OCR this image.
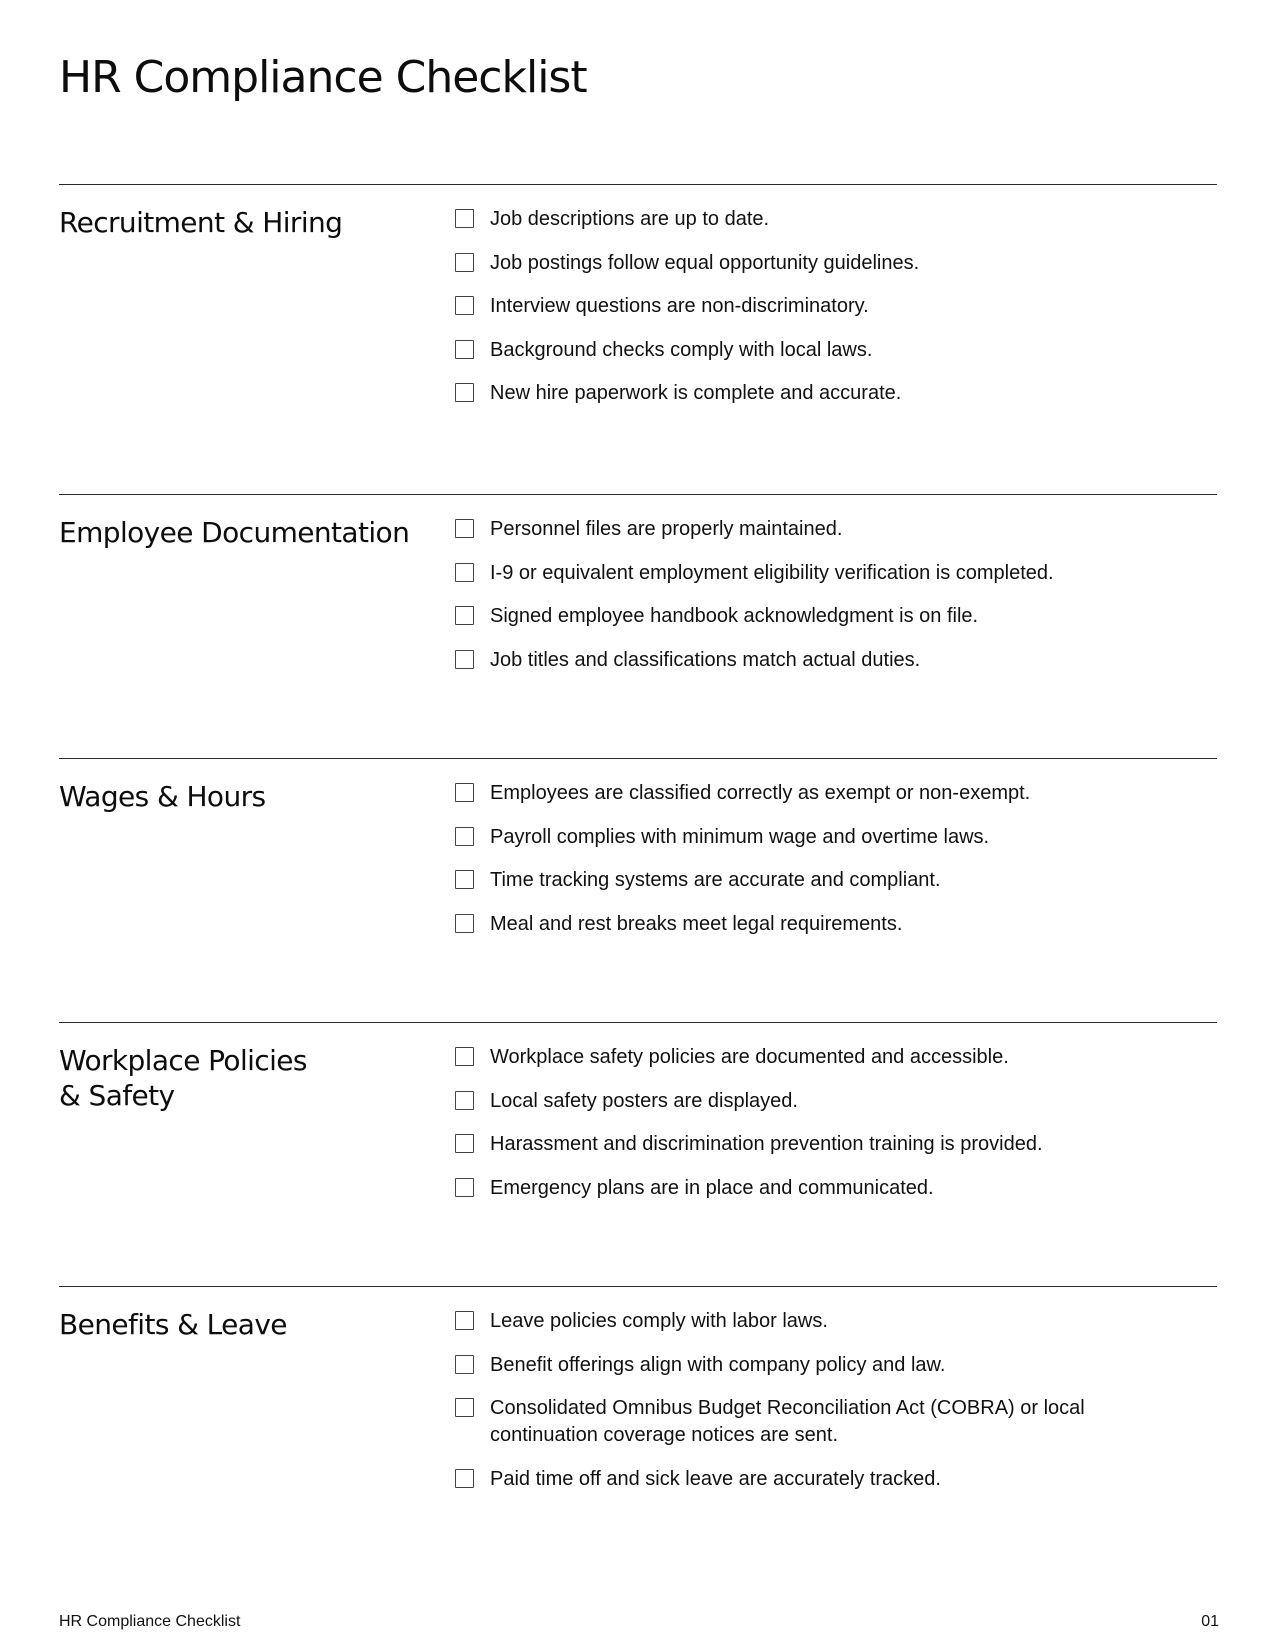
HR Compliance Checklist
Recruitment & Hiring	Job descriptions are up to date.
Job postings follow equal opportunity guidelines.
Interview questions are non-discriminatory.
Background checks comply with local laws.
New hire paperwork is complete and accurate.
Employee Documentation	Personnel files are properly maintained.
I-9 or equivalent employment eligibility verification is completed.
Signed employee handbook acknowledgment is on file.
Job titles and classifications match actual duties.
Wages & Hours	Employees are classified correctly as exempt or non-exempt.
Payroll complies with minimum wage and overtime laws.
Time tracking systems are accurate and compliant.
Meal and rest breaks meet legal requirements.
Workplace Policies
& Safety
Workplace safety policies are documented and accessible.
Local safety posters are displayed.
Harassment and discrimination prevention training is provided.
Emergency plans are in place and communicated.
Benefits & Leave	Leave policies comply with labor laws.
Benefit offerings align with company policy and law.
Consolidated Omnibus Budget Reconciliation Act (COBRA) or local continuation coverage notices are sent.
Paid time off and sick leave are accurately tracked.
HR Compliance Checklist	01
